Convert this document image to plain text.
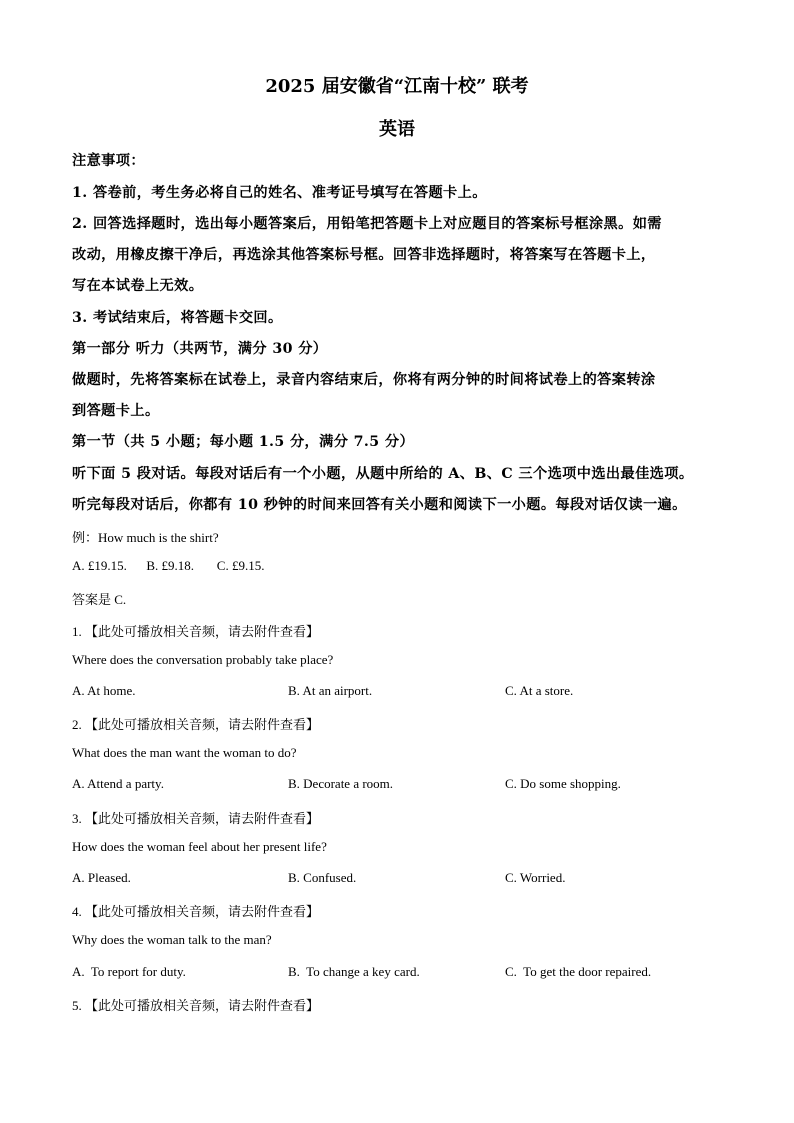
2025 届安徽省“江南十校” 联考
英语
注意事项：
1. 答卷前，考生务必将自己的姓名、准考证号填写在答题卡上。
2. 回答选择题时，选出每小题答案后，用铅笔把答题卡上对应题目的答案标号框涂黑。如需
改动，用橡皮擦干净后，再选涂其他答案标号框。回答非选择题时，将答案写在答题卡上，
写在本试卷上无效。
3. 考试结束后，将答题卡交回。
第一部分 听力（共两节，满分 30 分）
做题时，先将答案标在试卷上，录音内容结束后，你将有两分钟的时间将试卷上的答案转涂
到答题卡上。
第一节（共 5 小题；每小题 1.5 分，满分 7.5 分）
听下面 5 段对话。每段对话后有一个小题，从题中所给的 A、B、C 三个选项中选出最佳选项。
听完每段对话后，你都有 10 秒钟的时间来回答有关小题和阅读下一小题。每段对话仅读一遍。
例：How much is the shirt?
A. £19.15.      B. £9.18.       C. £9.15.
答案是 C.
1. 【此处可播放相关音频，请去附件查看】
Where does the conversation probably take place?
A. At home.	B. At an airport.	C. At a store.
2. 【此处可播放相关音频，请去附件查看】
What does the man want the woman to do?
A. Attend a party.	B. Decorate a room.	C. Do some shopping.
3. 【此处可播放相关音频，请去附件查看】
How does the woman feel about her present life?
A. Pleased.	B. Confused.	C. Worried.
4. 【此处可播放相关音频，请去附件查看】
Why does the woman talk to the man?
A.  To report for duty.	B.  To change a key card.	C.  To get the door repaired.
5. 【此处可播放相关音频，请去附件查看】
